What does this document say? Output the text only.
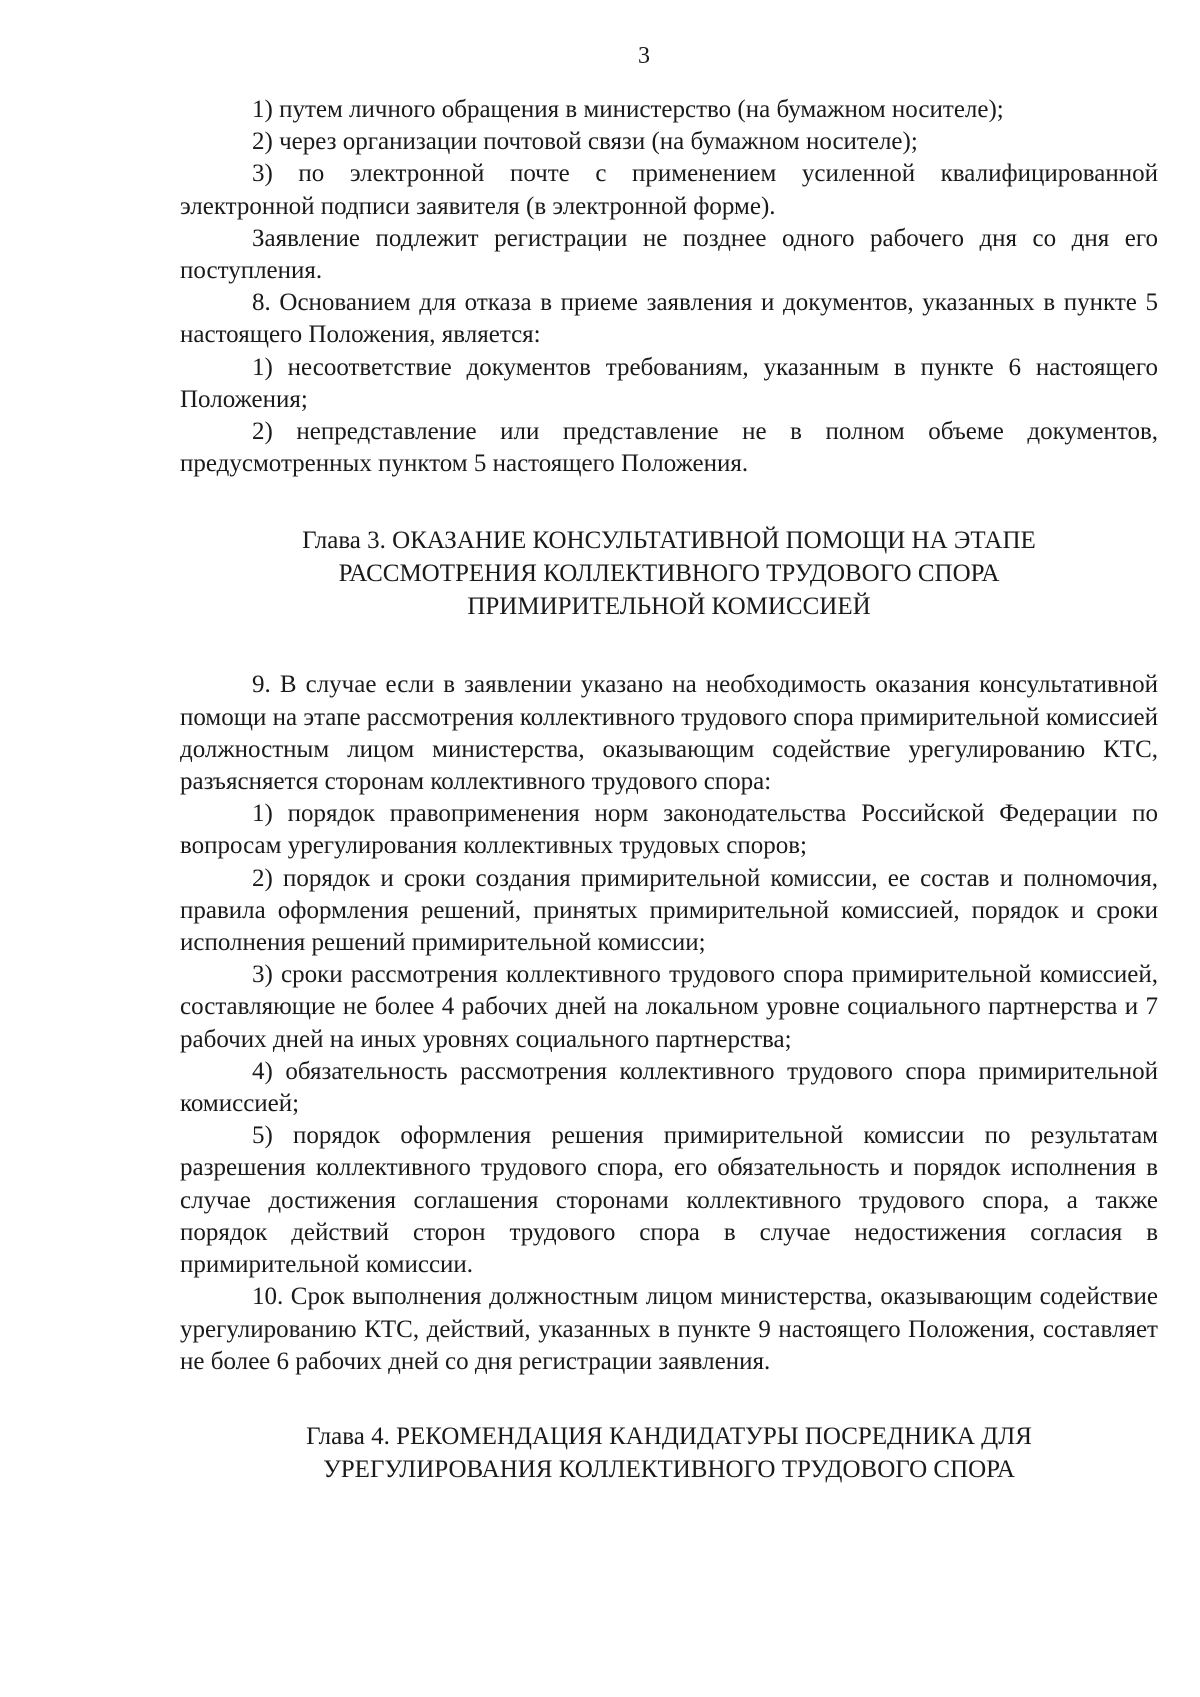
3

1) путем личного обращения в министерство (на бумажном носителе);

2) через организации почтовой связи (на бумажном носителе);

3) по электронной почте с применением усиленной квалифицированной электронной подписи заявителя (в электронной форме).

Заявление подлежит регистрации не позднее одного рабочего дня со дня его поступления.

8. Основанием для отказа в приеме заявления и документов, указанных в пункте 5 настоящего Положения, является:

1) несоответствие документов требованиям, указанным в пункте 6 настоящего Положения;

2) непредставление или представление не в полном объеме документов, предусмотренных пунктом 5 настоящего Положения.

Глава 3. ОКАЗАНИЕ КОНСУЛЬТАТИВНОЙ ПОМОЩИ НА ЭТАПЕ
РАССМОТРЕНИЯ КОЛЛЕКТИВНОГО ТРУДОВОГО СПОРА
ПРИМИРИТЕЛЬНОЙ КОМИССИЕЙ

9. В случае если в заявлении указано на необходимость оказания консультативной помощи на этапе рассмотрения коллективного трудового спора примирительной комиссией должностным лицом министерства, оказывающим содействие урегулированию КТС, разъясняется сторонам коллективного трудового спора:

1) порядок правоприменения норм законодательства Российской Федерации по вопросам урегулирования коллективных трудовых споров;

2) порядок и сроки создания примирительной комиссии, ее состав и полномочия, правила оформления решений, принятых примирительной комиссией, порядок и сроки исполнения решений примирительной комиссии;

3) сроки рассмотрения коллективного трудового спора примирительной комиссией, составляющие не более 4 рабочих дней на локальном уровне социального партнерства и 7 рабочих дней на иных уровнях социального партнерства;

4) обязательность рассмотрения коллективного трудового спора примирительной комиссией;

5) порядок оформления решения примирительной комиссии по результатам разрешения коллективного трудового спора, его обязательность и порядок исполнения в случае достижения соглашения сторонами коллективного трудового спора, а также порядок действий сторон трудового спора в случае недостижения согласия в примирительной комиссии.

10. Срок выполнения должностным лицом министерства, оказывающим содействие урегулированию КТС, действий, указанных в пункте 9 настоящего Положения, составляет не более 6 рабочих дней со дня регистрации заявления.

Глава 4. РЕКОМЕНДАЦИЯ КАНДИДАТУРЫ ПОСРЕДНИКА ДЛЯ
УРЕГУЛИРОВАНИЯ КОЛЛЕКТИВНОГО ТРУДОВОГО СПОРА
